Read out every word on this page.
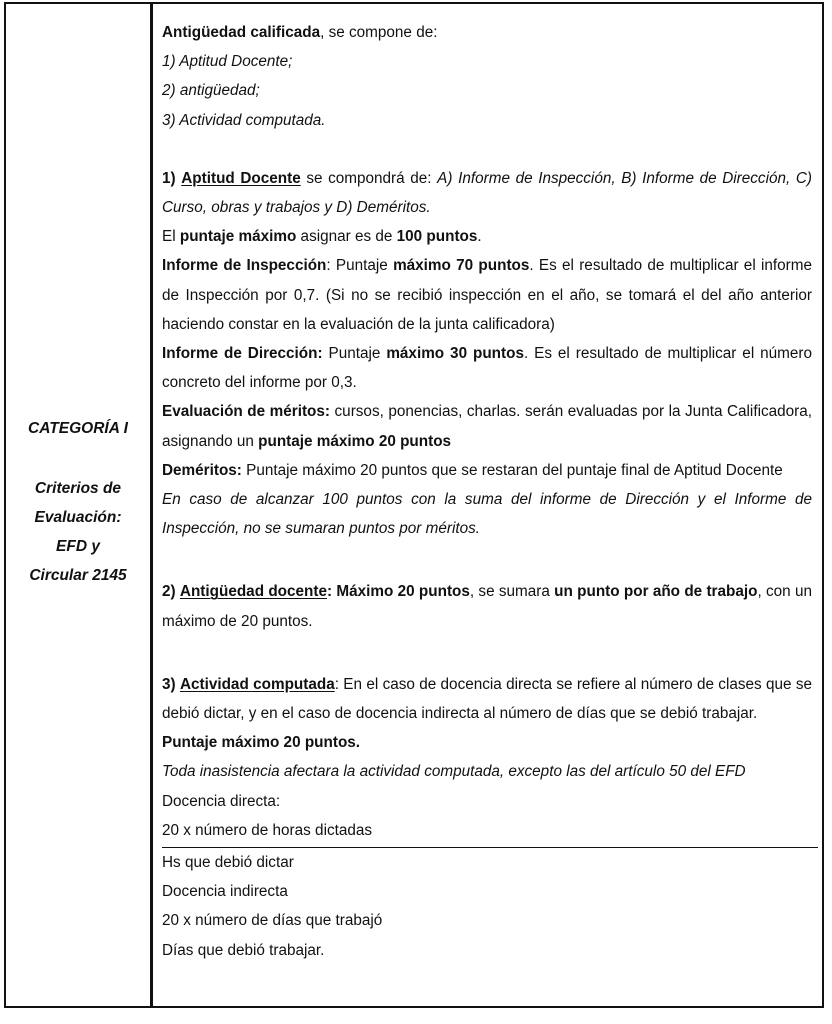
CATEGORÍA I
Criterios de
Evaluación:
EFD y
Circular 2145

Antigüedad calificada, se compone de:

1) Aptitud Docente;

2) antigüedad;

3) Actividad computada.

1) Aptitud Docente se compondrá de: A) Informe de Inspección, B) Informe de Dirección, C) Curso, obras y trabajos y D) Deméritos.

El puntaje máximo asignar es de 100 puntos.

Informe de Inspección: Puntaje máximo 70 puntos. Es el resultado de multiplicar el informe de Inspección por 0,7. (Si no se recibió inspección en el año, se tomará el del año anterior haciendo constar en la evaluación de la junta calificadora)

Informe de Dirección: Puntaje máximo 30 puntos. Es el resultado de multiplicar el número concreto del informe por 0,3.

Evaluación de méritos: cursos, ponencias, charlas. serán evaluadas por la Junta Calificadora, asignando un puntaje máximo 20 puntos

Deméritos: Puntaje máximo 20 puntos que se restaran del puntaje final de Aptitud Docente

En caso de alcanzar 100 puntos con la suma del informe de Dirección y el Informe de Inspección, no se sumaran puntos por méritos.

2) Antigüedad docente: Máximo 20 puntos, se sumara un punto por año de trabajo, con un máximo de 20 puntos.

3) Actividad computada: En el caso de docencia directa se refiere al número de clases que se debió dictar, y en el caso de docencia indirecta al número de días que se debió trabajar.

Puntaje máximo 20 puntos.

Toda inasistencia afectara la actividad computada, excepto las del artículo 50 del EFD

Docencia directa:

20 x número de horas dictadas

Hs que debió dictar

Docencia indirecta

20 x número de días que trabajó

Días que debió trabajar.
